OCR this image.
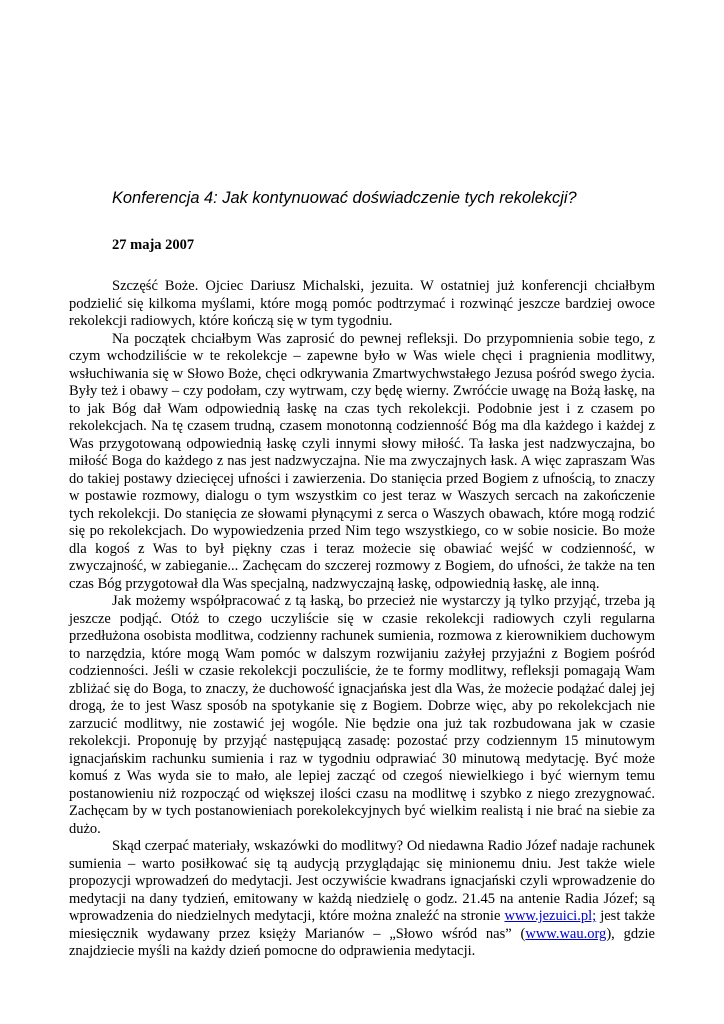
Konferencja 4: Jak kontynuować doświadczenie tych rekolekcji?

27 maja 2007

Szczęść Boże. Ojciec Dariusz Michalski, jezuita. W ostatniej już konferencji chciałbym podzielić się kilkoma myślami, które mogą pomóc podtrzymać i rozwinąć jeszcze bardziej owoce rekolekcji radiowych, które kończą się w tym tygodniu.

Na początek chciałbym Was zaprosić do pewnej refleksji. Do przypomnienia sobie tego, z czym wchodziliście w te rekolekcje – zapewne było w Was wiele chęci i pragnienia modlitwy, wsłuchiwania się w Słowo Boże, chęci odkrywania Zmartwychwstałego Jezusa pośród swego życia. Były też i obawy – czy podołam, czy wytrwam, czy będę wierny. Zwróćcie uwagę na Bożą łaskę, na to jak Bóg dał Wam odpowiednią łaskę na czas tych rekolekcji. Podobnie jest i z czasem po rekolekcjach. Na tę czasem trudną, czasem monotonną codzienność Bóg ma dla każdego i każdej z Was przygotowaną odpowiednią łaskę czyli innymi słowy miłość. Ta łaska jest nadzwyczajna, bo miłość Boga do każdego z nas jest nadzwyczajna. Nie ma zwyczajnych łask. A więc zapraszam Was do takiej postawy dziecięcej ufności i zawierzenia. Do stanięcia przed Bogiem z ufnością, to znaczy w postawie rozmowy, dialogu o tym wszystkim co jest teraz w Waszych sercach na zakończenie tych rekolekcji. Do stanięcia ze słowami płynącymi z serca o Waszych obawach, które mogą rodzić się po rekolekcjach. Do wypowiedzenia przed Nim tego wszystkiego, co w sobie nosicie. Bo może dla kogoś z Was to był piękny czas i teraz możecie się obawiać wejść w codzienność, w zwyczajność, w zabieganie... Zachęcam do szczerej rozmowy z Bogiem, do ufności, że także na ten czas Bóg przygotował dla Was specjalną, nadzwyczajną łaskę, odpowiednią łaskę, ale inną.

Jak możemy współpracować z tą łaską, bo przecież nie wystarczy ją tylko przyjąć, trzeba ją jeszcze podjąć. Otóż to czego uczyliście się w czasie rekolekcji radiowych czyli regularna przedłużona osobista modlitwa, codzienny rachunek sumienia, rozmowa z kierownikiem duchowym to narzędzia, które mogą Wam pomóc w dalszym rozwijaniu zażyłej przyjaźni z Bogiem pośród codzienności. Jeśli w czasie rekolekcji poczuliście, że te formy modlitwy, refleksji pomagają Wam zbliżać się do Boga, to znaczy, że duchowość ignacjańska jest dla Was, że możecie podążać dalej jej drogą, że to jest Wasz sposób na spotykanie się z Bogiem. Dobrze więc, aby po rekolekcjach nie zarzucić modlitwy, nie zostawić jej wogóle. Nie będzie ona już tak rozbudowana jak w czasie rekolekcji. Proponuję by przyjąć następującą zasadę: pozostać przy codziennym 15 minutowym ignacjańskim rachunku sumienia i raz w tygodniu odprawiać 30 minutową medytację. Być może komuś z Was wyda sie to mało, ale lepiej zacząć od czegoś niewielkiego i być wiernym temu postanowieniu niż rozpocząć od większej ilości czasu na modlitwę i szybko z niego zrezygnować. Zachęcam by w tych postanowieniach porekolekcyjnych być wielkim realistą i nie brać na siebie za dużo.

Skąd czerpać materiały, wskazówki do modlitwy? Od niedawna Radio Józef nadaje rachunek sumienia – warto posiłkować się tą audycją przyglądając się minionemu dniu. Jest także wiele propozycji wprowadzeń do medytacji. Jest oczywiście kwadrans ignacjański czyli wprowadzenie do medytacji na dany tydzień, emitowany w każdą niedzielę o godz. 21.45 na antenie Radia Józef; są wprowadzenia do niedzielnych medytacji, które można znaleźć na stronie www.jezuici.pl; jest także miesięcznik wydawany przez księży Marianów – „Słowo wśród nas” (www.wau.org), gdzie znajdziecie myśli na każdy dzień pomocne do odprawienia medytacji.
